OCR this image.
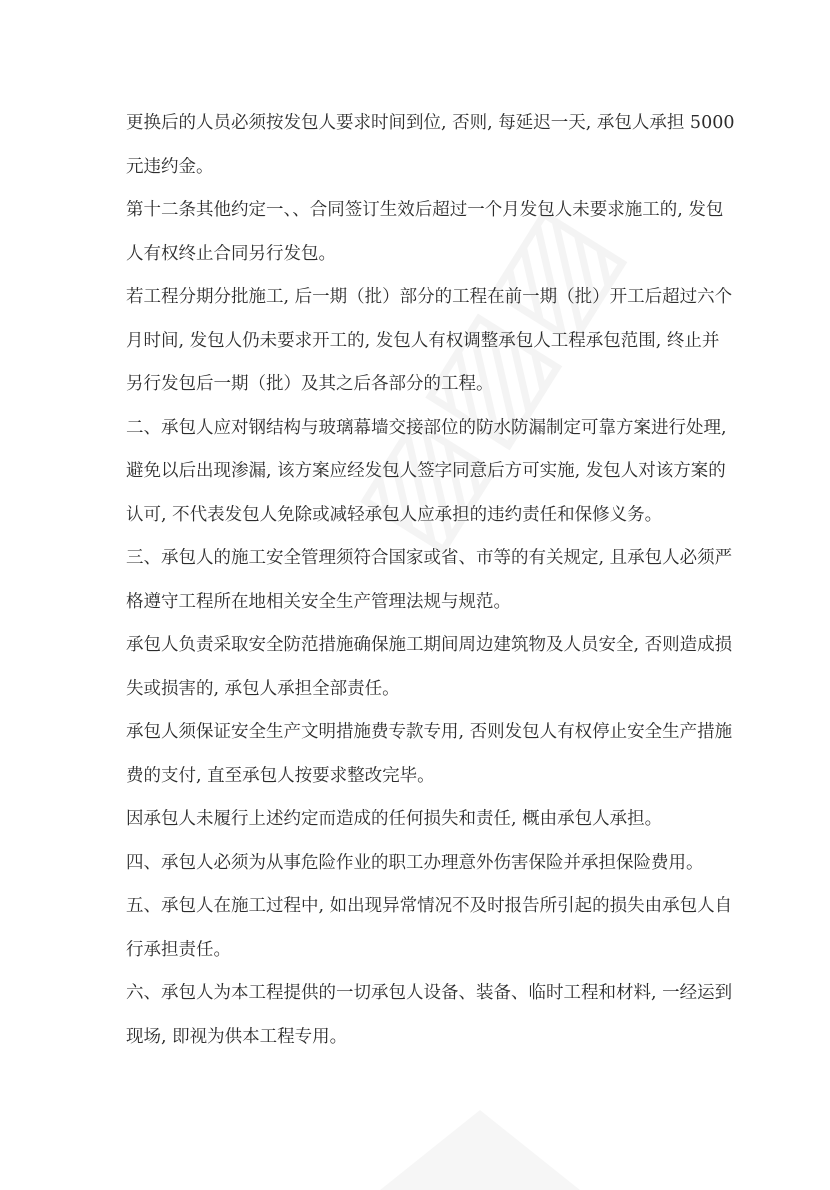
更换后的人员必须按发包人要求时间到位, 否则, 每延迟一天, 承包人承担 5000
元违约金。
第十二条其他约定一、、合同签订生效后超过一个月发包人未要求施工的, 发包
人有权终止合同另行发包。
若工程分期分批施工, 后一期（批）部分的工程在前一期（批）开工后超过六个
月时间, 发包人仍未要求开工的, 发包人有权调整承包人工程承包范围, 终止并
另行发包后一期（批）及其之后各部分的工程。
二、承包人应对钢结构与玻璃幕墙交接部位的防水防漏制定可靠方案进行处理,
避免以后出现渗漏, 该方案应经发包人签字同意后方可实施, 发包人对该方案的
认可, 不代表发包人免除或减轻承包人应承担的违约责任和保修义务。
三、承包人的施工安全管理须符合国家或省、市等的有关规定, 且承包人必须严
格遵守工程所在地相关安全生产管理法规与规范。
承包人负责采取安全防范措施确保施工期间周边建筑物及人员安全, 否则造成损
失或损害的, 承包人承担全部责任。
承包人须保证安全生产文明措施费专款专用, 否则发包人有权停止安全生产措施
费的支付, 直至承包人按要求整改完毕。
因承包人未履行上述约定而造成的任何损失和责任, 概由承包人承担。
四、承包人必须为从事危险作业的职工办理意外伤害保险并承担保险费用。
五、承包人在施工过程中, 如出现异常情况不及时报告所引起的损失由承包人自
行承担责任。
六、承包人为本工程提供的一切承包人设备、装备、临时工程和材料, 一经运到
现场, 即视为供本工程专用。
